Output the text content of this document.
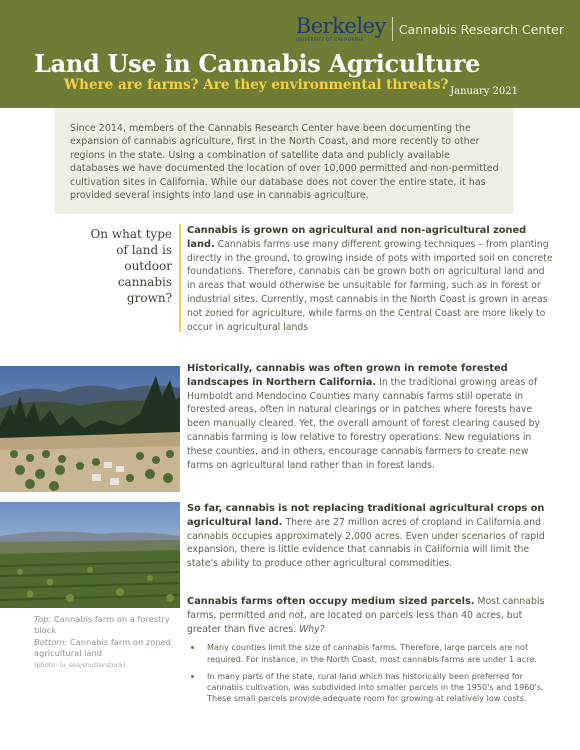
Berkeley
UNIVERSITY OF CALIFORNIA
Cannabis Research Center
Land Use in Cannabis Agriculture
Where are farms? Are they environmental threats? January 2021
Since 2014, members of the Cannabis Research Center have been documenting the expansion of cannabis agriculture, first in the North Coast, and more recently to other regions in the state. Using a combination of satellite data and publicly available databases we have documented the location of over 10,000 permitted and non-permitted cultivation sites in California. While our database does not cover the entire state, it has provided several insights into land use in cannabis agriculture.
On what type of land is outdoor cannabis grown?
Cannabis is grown on agricultural and non-agricultural zoned land. Cannabis farms use many different growing techniques – from planting directly in the ground, to growing inside of pots with imported soil on concrete foundations. Therefore, cannabis can be grown both on agricultural land and in areas that would otherwise be unsuitable for farming, such as in forest or industrial sites. Currently, most cannabis in the North Coast is grown in areas not zoned for agriculture, while farms on the Central Coast are more likely to occur in agricultural lands
Historically, cannabis was often grown in remote forested landscapes in Northern California. In the traditional growing areas of Humboldt and Mendocino Counties many cannabis farms still operate in forested areas, often in natural clearings or in patches where forests have been manually cleared. Yet, the overall amount of forest clearing caused by cannabis farming is low relative to forestry operations. New regulations in these counties, and in others, encourage cannabis farmers to create new farms on agricultural land rather than in forest lands.
So far, cannabis is not replacing traditional agricultural crops on agricultural land. There are 27 million acres of cropland in California and cannabis occupies approximately 2,000 acres. Even under scenarios of rapid expansion, there is little evidence that cannabis in California will limit the state's ability to produce other agricultural commodities.
Cannabis farms often occupy medium sized parcels. Most cannabis farms, permitted and not, are located on parcels less than 40 acres, but greater than five acres. Why?
• Many counties limit the size of cannabis farms. Therefore, large parcels are not required. For instance, in the North Coast, most cannabis farms are under 1 acre.
• In many parts of the state, rural land which has historically been preferred for cannabis cultivation, was subdivided into smaller parcels in the 1950's and 1960's. These small parcels provide adequate room for growing at relatively low costs.
Top: Cannabis farm on a forestry block
Bottom: Cannabis farm on zoned agricultural land
(photo: lu_sea/shutterstock)
